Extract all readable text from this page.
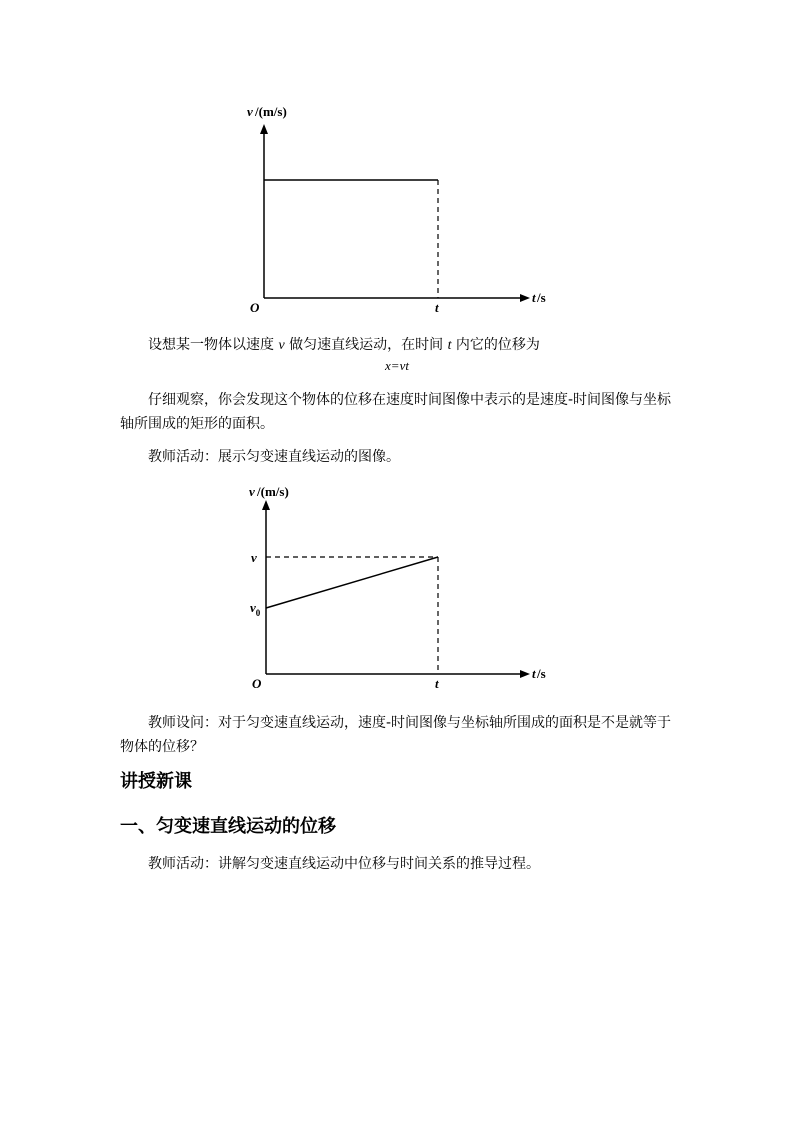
v /(m/s)
t /s
O	t
设想某一物体以速度 v 做匀速直线运动，在时间 t 内它的位移为
x=vt
仔细观察，你会发现这个物体的位移在速度时间图像中表示的是速度-时间图像与坐标轴所围成的矩形的面积。
教师活动：展示匀变速直线运动的图像。
v /(m/s)
v
$v_0$
t /s
O	t
教师设问：对于匀变速直线运动，速度-时间图像与坐标轴所围成的面积是不是就等于物体的位移？
讲授新课
一、匀变速直线运动的位移
教师活动：讲解匀变速直线运动中位移与时间关系的推导过程。
